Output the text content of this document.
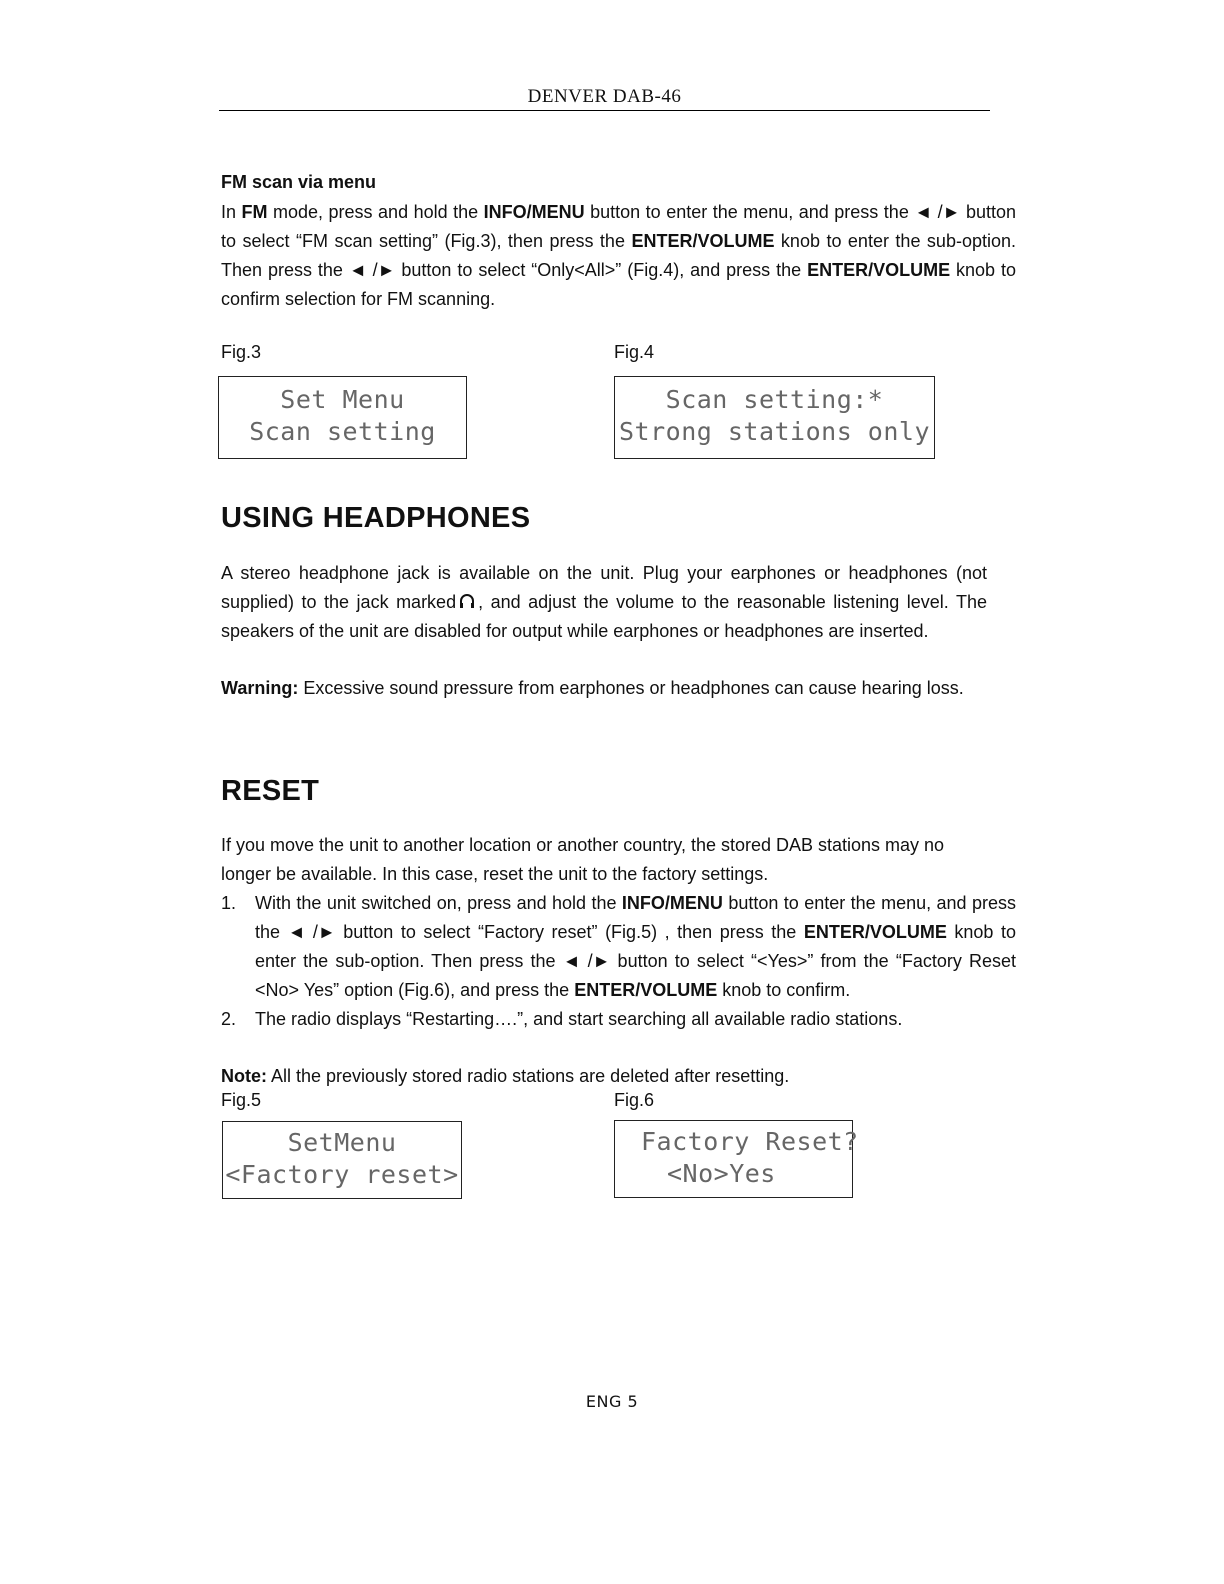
DENVER DAB-46
FM scan via menu

In FM mode, press and hold the INFO/MENU button to enter the menu, and press the ◄ /► button to select “FM scan setting” (Fig.3), then press the ENTER/VOLUME knob to enter the sub-option. Then press the ◄ /► button to select “Only<All>” (Fig.4), and press the ENTER/VOLUME knob to confirm selection for FM scanning.

Fig.3	Fig.4
Set Menu
Scan setting
Scan setting:*
Strong stations only
USING HEADPHONES

A stereo headphone jack is available on the unit. Plug your earphones or headphones (not supplied) to the jack marked , and adjust the volume to the reasonable listening level. The speakers of the unit are disabled for output while earphones or headphones are inserted.

Warning: Excessive sound pressure from earphones or headphones can cause hearing loss.

RESET

If you move the unit to another location or another country, the stored DAB stations may no longer be available. In this case, reset the unit to the factory settings.

1. With the unit switched on, press and hold the INFO/MENU button to enter the menu, and press the ◄ /► button to select “Factory reset” (Fig.5) , then press the ENTER/VOLUME knob to enter the sub-option. Then press the ◄ /► button to select “<Yes>” from the “Factory Reset <No> Yes” option (Fig.6), and press the ENTER/VOLUME knob to confirm.
2. The radio displays “Restarting….”, and start searching all available radio stations.

Note: All the previously stored radio stations are deleted after resetting.

Fig.5	Fig.6
SetMenu
<Factory reset>
Factory Reset?
<No>Yes
ENG 5
